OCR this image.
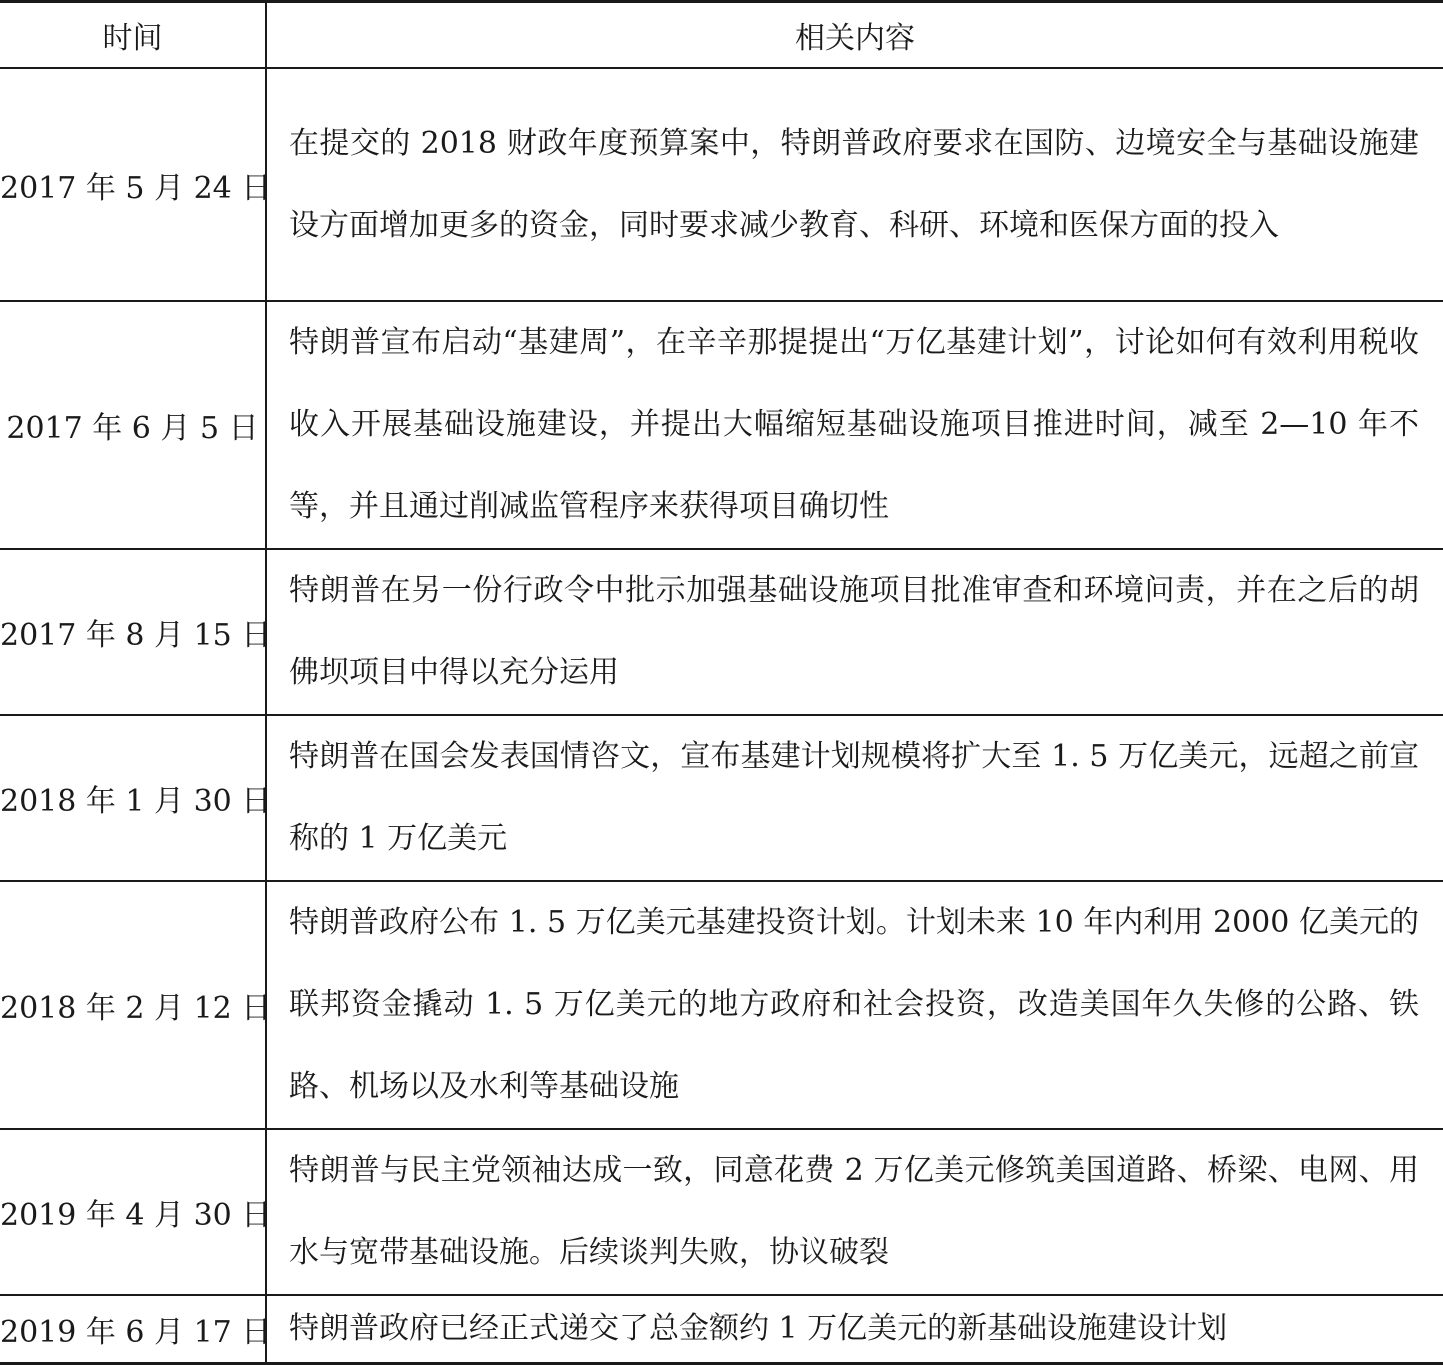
时间	相关内容
2017 年 5 月 24 日	在提交的 2018 财政年度预算案中，特朗普政府要求在国防、边境安全与基础设施建设方面增加更多的资金，同时要求减少教育、科研、环境和医保方面的投入
2017 年 6 月 5 日	特朗普宣布启动“基建周”，在辛辛那提提出“万亿基建计划”，讨论如何有效利用税收收入开展基础设施建设，并提出大幅缩短基础设施项目推进时间，减至 2—10 年不等，并且通过削减监管程序来获得项目确切性
2017 年 8 月 15 日	特朗普在另一份行政令中批示加强基础设施项目批准审查和环境问责，并在之后的胡佛坝项目中得以充分运用
2018 年 1 月 30 日	特朗普在国会发表国情咨文，宣布基建计划规模将扩大至 1. 5 万亿美元，远超之前宣称的 1 万亿美元
2018 年 2 月 12 日	特朗普政府公布 1. 5 万亿美元基建投资计划。计划未来 10 年内利用 2000 亿美元的联邦资金撬动 1. 5 万亿美元的地方政府和社会投资，改造美国年久失修的公路、铁路、机场以及水利等基础设施
2019 年 4 月 30 日	特朗普与民主党领袖达成一致，同意花费 2 万亿美元修筑美国道路、桥梁、电网、用水与宽带基础设施。后续谈判失败，协议破裂
2019 年 6 月 17 日	特朗普政府已经正式递交了总金额约 1 万亿美元的新基础设施建设计划
